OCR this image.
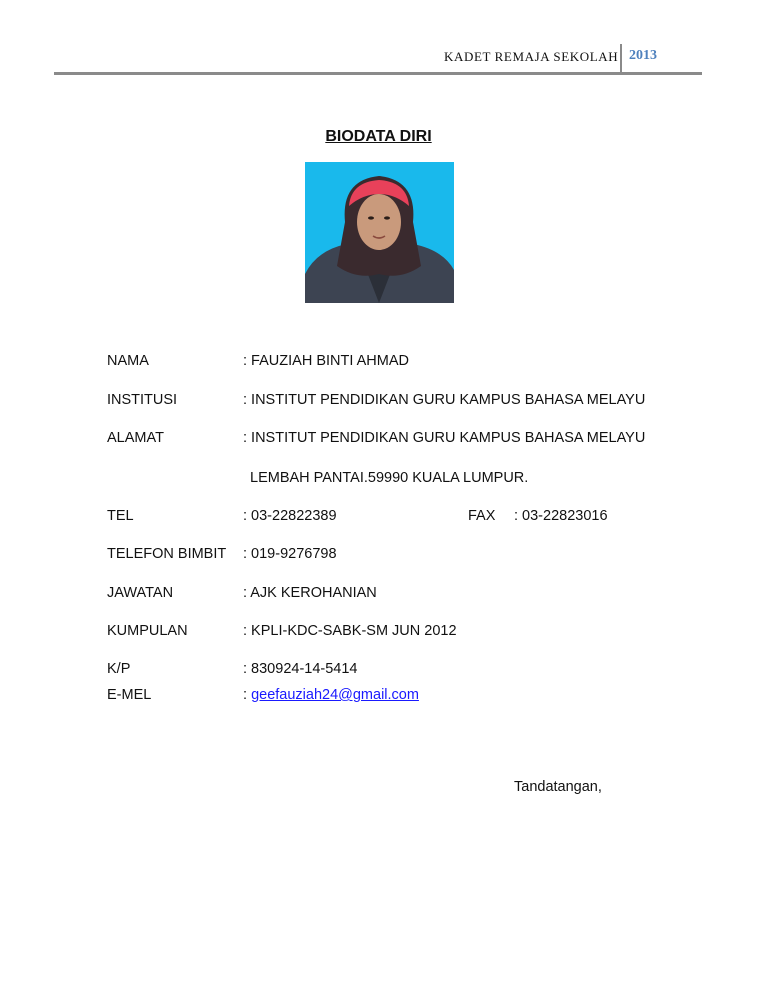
KADET REMAJA SEKOLAH 2013
BIODATA DIRI
NAMA	: FAUZIAH BINTI AHMAD
INSTITUSI	: INSTITUT PENDIDIKAN GURU KAMPUS BAHASA MELAYU
ALAMAT	: INSTITUT PENDIDIKAN GURU KAMPUS BAHASA MELAYU
LEMBAH PANTAI.59990 KUALA LUMPUR.
TEL	: 03-22822389	FAX : 03-22823016
TELEFON BIMBIT : 019-9276798
JAWATAN	: AJK KEROHANIAN
KUMPULAN	: KPLI-KDC-SABK-SM JUN 2012
K/P	: 830924-14-5414
E-MEL	: geefauziah24@gmail.com
Tandatangan,
